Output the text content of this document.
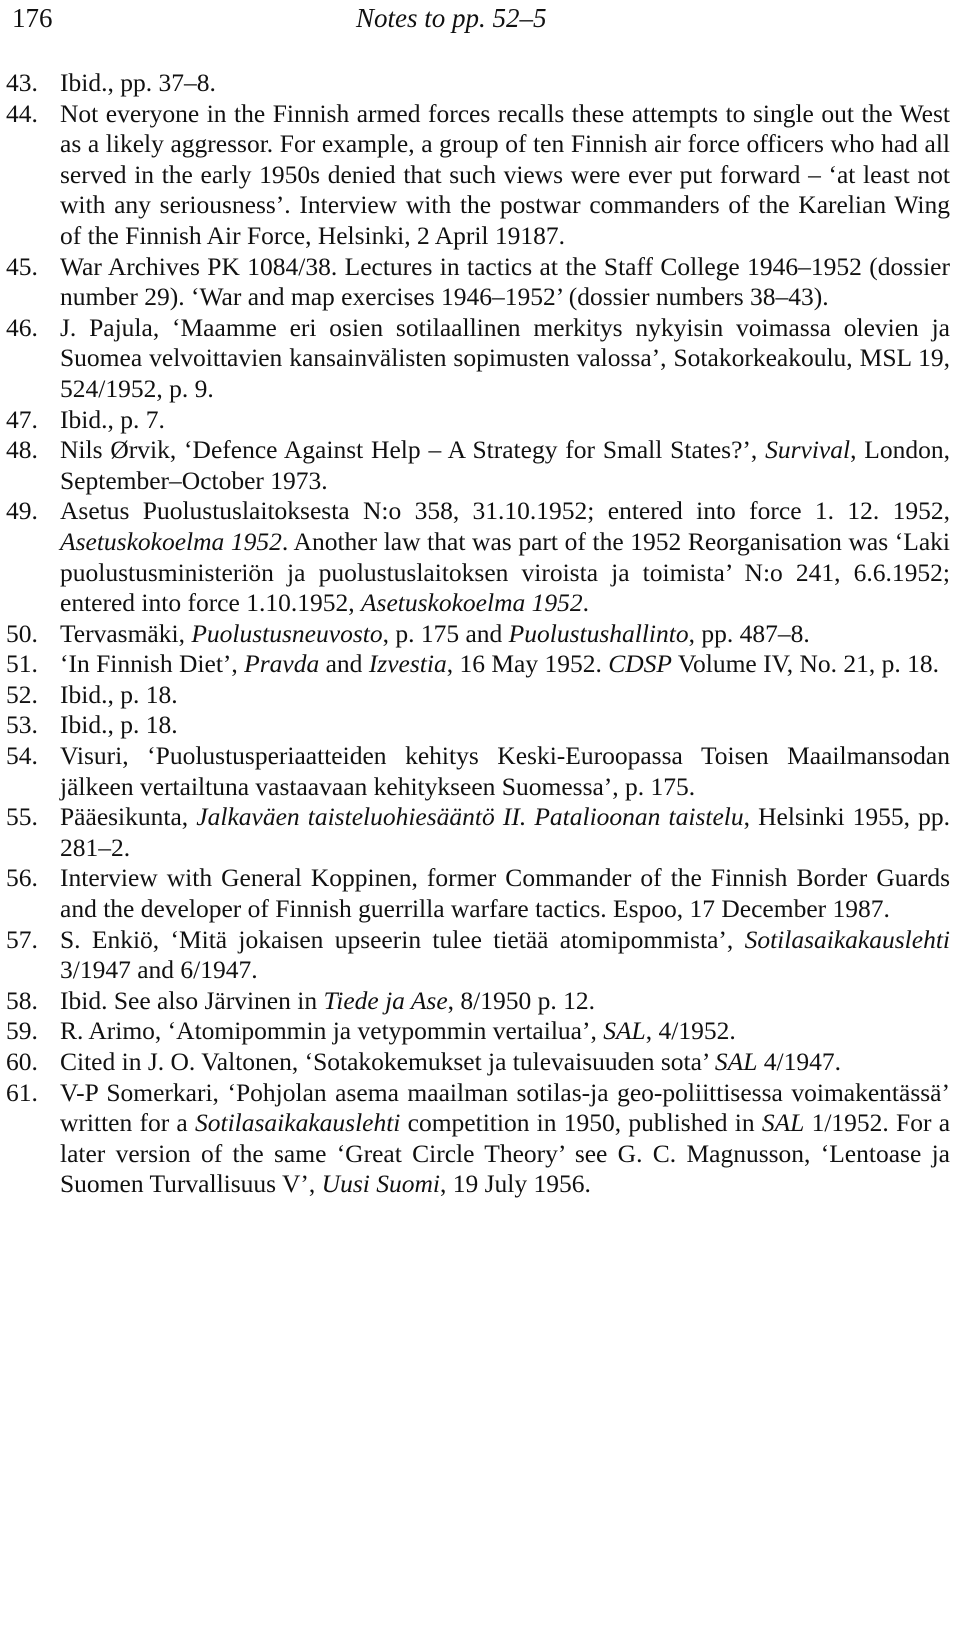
176	Notes to pp. 52–5
43. Ibid., pp. 37–8.
44. Not everyone in the Finnish armed forces recalls these attempts to single out the West as a likely aggressor. For example, a group of ten Finnish air force officers who had all served in the early 1950s denied that such views were ever put forward – ‘at least not with any seriousness’. Interview with the postwar commanders of the Karelian Wing of the Finnish Air Force, Helsinki, 2 April 19187.
45. War Archives PK 1084/38. Lectures in tactics at the Staff College 1946–1952 (dossier number 29). ‘War and map exercises 1946–1952’ (dossier numbers 38–43).
46. J. Pajula, ‘Maamme eri osien sotilaallinen merkitys nykyisin voimassa olevien ja Suomea velvoittavien kansainvälisten sopimusten valossa’, Sotakorkeakoulu, MSL 19, 524/1952, p. 9.
47. Ibid., p. 7.
48. Nils Ørvik, ‘Defence Against Help – A Strategy for Small States?’, Survival, London, September–October 1973.
49. Asetus Puolustuslaitoksesta N:o 358, 31.10.1952; entered into force 1. 12. 1952, Asetuskokoelma 1952. Another law that was part of the 1952 Reorganisation was ‘Laki puolustusministeriön ja puolustuslaitoksen viroista ja toimista’ N:o 241, 6.6.1952; entered into force 1.10.1952, Asetuskokoelma 1952.
50. Tervasmäki, Puolustusneuvosto, p. 175 and Puolustushallinto, pp. 487–8.
51. ‘In Finnish Diet’, Pravda and Izvestia, 16 May 1952. CDSP Volume IV, No. 21, p. 18.
52. Ibid., p. 18.
53. Ibid., p. 18.
54. Visuri, ‘Puolustusperiaatteiden kehitys Keski-Euroopassa Toisen Maailmansodan jälkeen vertailtuna vastaavaan kehitykseen Suomessa’, p. 175.
55. Pääesikunta, Jalkaväen taisteluohiesääntö II. Patalioonan taistelu, Helsinki 1955, pp. 281–2.
56. Interview with General Koppinen, former Commander of the Finnish Border Guards and the developer of Finnish guerrilla warfare tactics. Espoo, 17 December 1987.
57. S. Enkiö, ‘Mitä jokaisen upseerin tulee tietää atomipommista’, Sotilasaikakauslehti 3/1947 and 6/1947.
58. Ibid. See also Järvinen in Tiede ja Ase, 8/1950 p. 12.
59. R. Arimo, ‘Atomipommin ja vetypommin vertailua’, SAL, 4/1952.
60. Cited in J. O. Valtonen, ‘Sotakokemukset ja tulevaisuuden sota’ SAL 4/1947.
61. V-P Somerkari, ‘Pohjolan asema maailman sotilas-ja geo-poliittisessa voimakentässä’ written for a Sotilasaikakauslehti competition in 1950, published in SAL 1/1952. For a later version of the same ‘Great Circle Theory’ see G. C. Magnusson, ‘Lentoase ja Suomen Turvallisuus V’, Uusi Suomi, 19 July 1956.
